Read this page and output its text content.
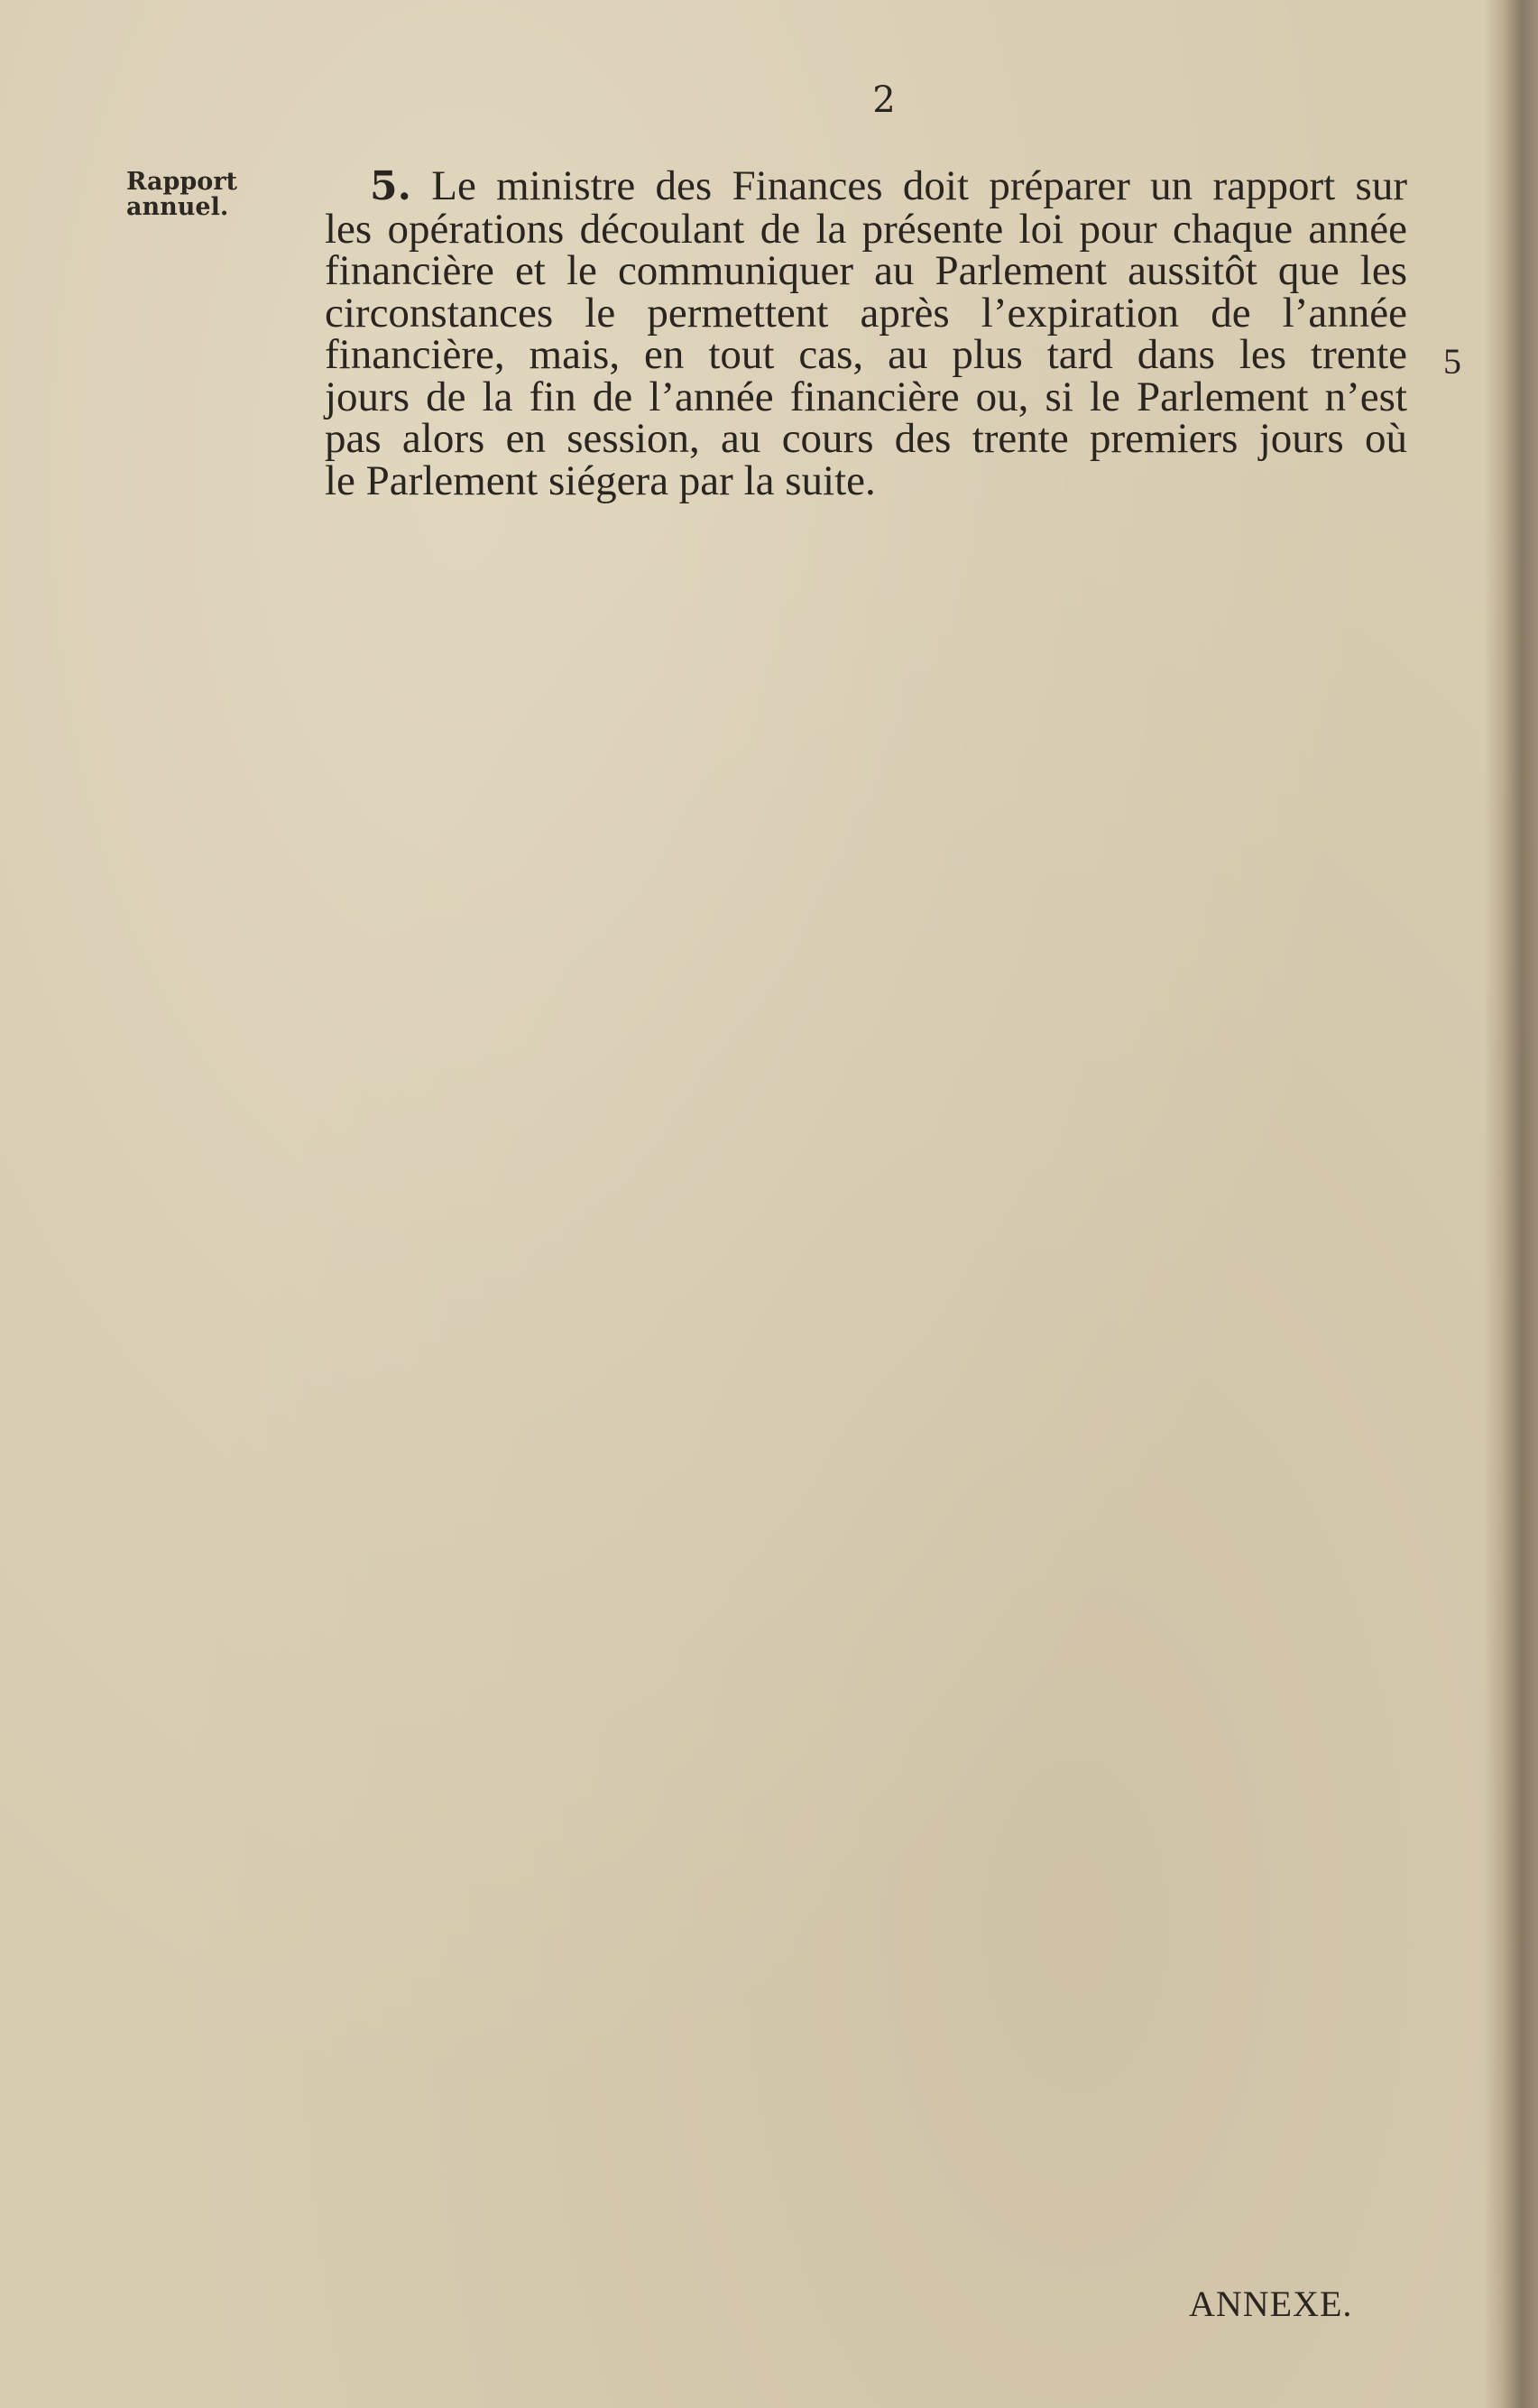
2
Rapport
annuel.	5. Le ministre des Finances doit préparer un rapport sur
les opérations découlant de la présente loi pour chaque année
financière et le communiquer au Parlement aussitôt que les
circonstances le permettent après l’expiration de l’année
financière, mais, en tout cas, au plus tard dans les trente
jours de la fin de l’année financière ou, si le Parlement n’est
pas alors en session, au cours des trente premiers jours où
le Parlement siégera par la suite.
5
ANNEXE.
